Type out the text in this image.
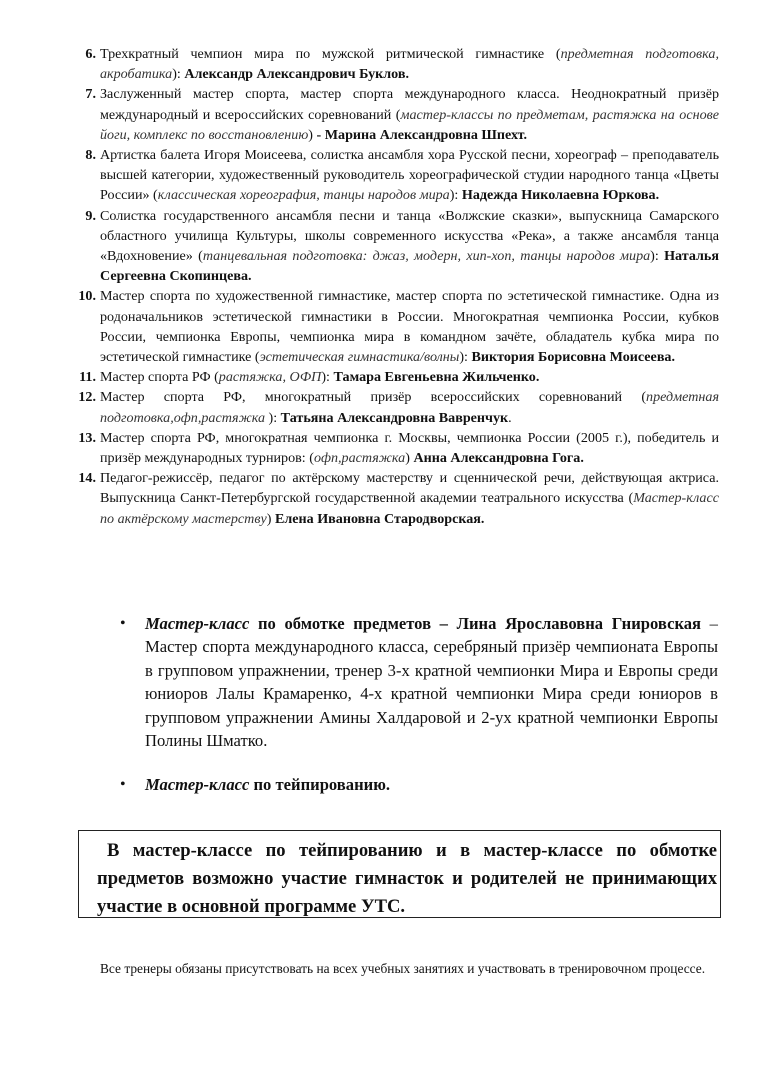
6. Трехкратный чемпион мира по мужской ритмической гимнастике (предметная подготовка, акробатика): Александр Александрович Буклов.
7. Заслуженный мастер спорта, мастер спорта международного класса. Неоднократный призёр международный и всероссийских соревнований (мастер-классы по предметам, растяжка на основе йоги, комплекс по восстановлению) - Марина Александровна Шпехт.
8. Артистка балета Игоря Моисеева, солистка ансамбля хора Русской песни, хореограф – преподаватель высшей категории, художественный руководитель хореографической студии народного танца «Цветы России» (классическая хореография, танцы народов мира): Надежда Николаевна Юркова.
9. Солистка государственного ансамбля песни и танца «Волжские сказки», выпускница Самарского областного училища Культуры, школы современного искусства «Река», а также ансамбля танца «Вдохновение» (танцевальная подготовка: джаз, модерн, хип-хоп, танцы народов мира): Наталья Сергеевна Скопинцева.
10. Мастер спорта по художественной гимнастике, мастер спорта по эстетической гимнастике. Одна из родоначальников эстетической гимнастики в России. Многократная чемпионка России, кубков России, чемпионка Европы, чемпионка мира в командном зачёте, обладатель кубка мира по эстетической гимнастике (эстетическая гимнастика/волны): Виктория Борисовна Моисеева.
11. Мастер спорта РФ (растяжка, ОФП): Тамара Евгеньевна Жильченко.
12. Мастер спорта РФ, многократный призёр всероссийских соревнований (предметная подготовка,офп,растяжка ): Татьяна Александровна Вавренчук.
13. Мастер спорта РФ, многократная чемпионка г. Москвы, чемпионка России (2005 г.), победитель и призёр международных турниров: (офп,растяжка) Анна Александровна Гога.
14. Педагог-режиссёр, педагог по актёрскому мастерству и сценнической речи, действующая актриса. Выпускница Санкт-Петербургской государственной академии театрального искусства (Мастер-класс по актёрскому мастерству) Елена Ивановна Стародворская.
• Мастер-класс по обмотке предметов – Лина Ярославовна Гнировская – Мастер спорта международного класса, серебряный призёр чемпионата Европы в групповом упражнении, тренер 3-х кратной чемпионки Мира и Европы среди юниоров Лалы Крамаренко, 4-х кратной чемпионки Мира среди юниоров в групповом упражнении Амины Халдаровой и 2-ух кратной чемпионки Европы Полины Шматко.
• Мастер-класс по тейпированию.
В мастер-классе по тейпированию и в мастер-классе по обмотке предметов возможно участие гимнасток и родителей не принимающих участие в основной программе УТС.
Все тренеры обязаны присутствовать на всех учебных занятиях и участвовать в тренировочном процессе.
